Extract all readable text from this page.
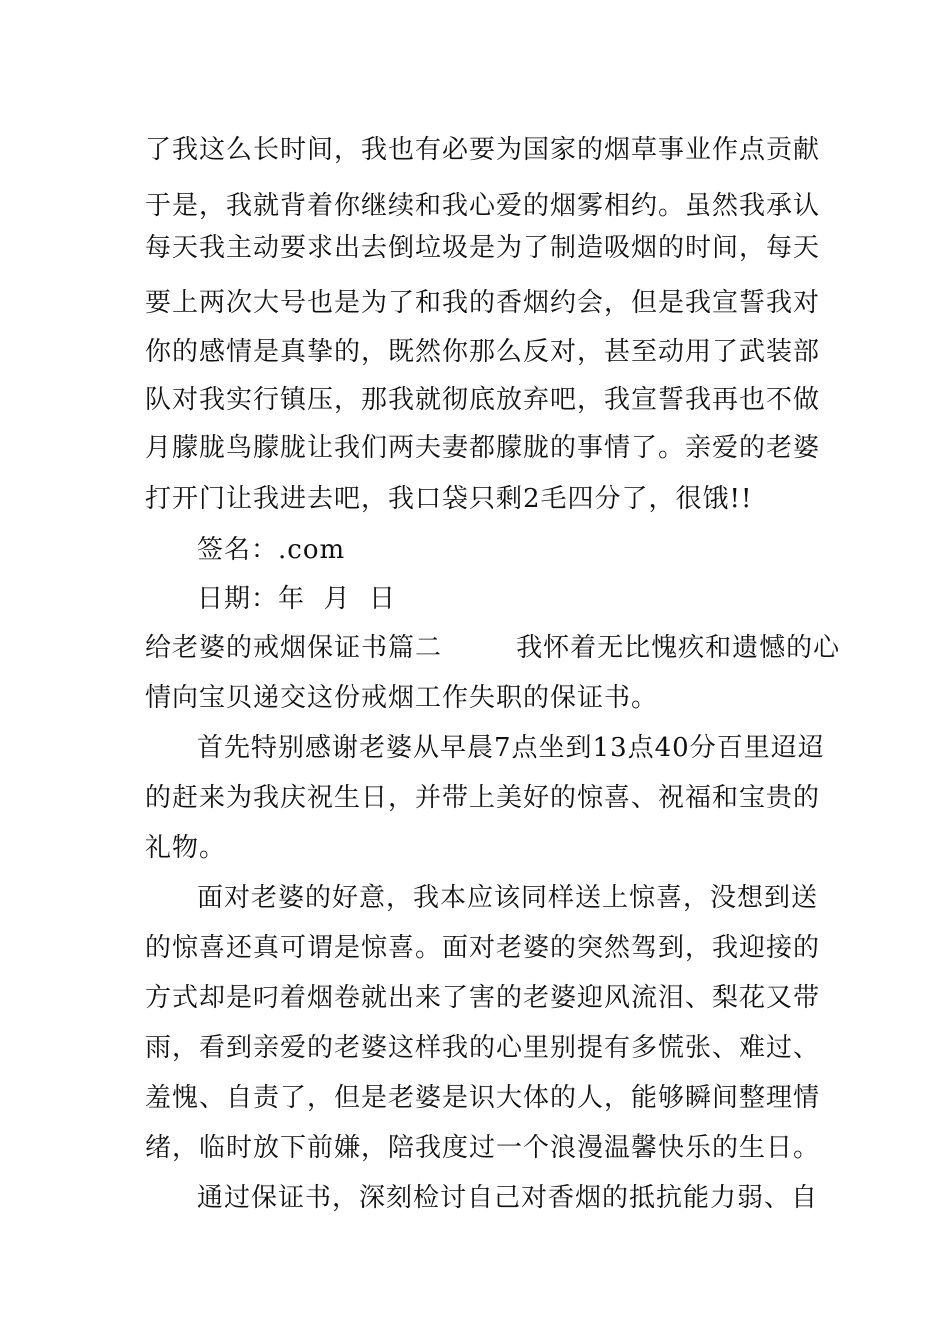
了我这么长时间，我也有必要为国家的烟草事业作点贡献
于是，我就背着你继续和我心爱的烟雾相约。虽然我承认
每天我主动要求出去倒垃圾是为了制造吸烟的时间，每天
要上两次大号也是为了和我的香烟约会，但是我宣誓我对
你的感情是真挚的，既然你那么反对，甚至动用了武装部
队对我实行镇压，那我就彻底放弃吧，我宣誓我再也不做
月朦胧鸟朦胧让我们两夫妻都朦胧的事情了。亲爱的老婆
打开门让我进去吧，我口袋只剩2毛四分了，很饿!!
签名：.com
日期：年  月  日
给老婆的戒烟保证书篇二        我怀着无比愧疚和遗憾的心
情向宝贝递交这份戒烟工作失职的保证书。
首先特别感谢老婆从早晨7点坐到13点40分百里迢迢
的赶来为我庆祝生日，并带上美好的惊喜、祝福和宝贵的
礼物。
面对老婆的好意，我本应该同样送上惊喜，没想到送
的惊喜还真可谓是惊喜。面对老婆的突然驾到，我迎接的
方式却是叼着烟卷就出来了害的老婆迎风流泪、梨花又带
雨，看到亲爱的老婆这样我的心里别提有多慌张、难过、
羞愧、自责了，但是老婆是识大体的人，能够瞬间整理情
绪，临时放下前嫌，陪我度过一个浪漫温馨快乐的生日。
通过保证书，深刻检讨自己对香烟的抵抗能力弱、自
